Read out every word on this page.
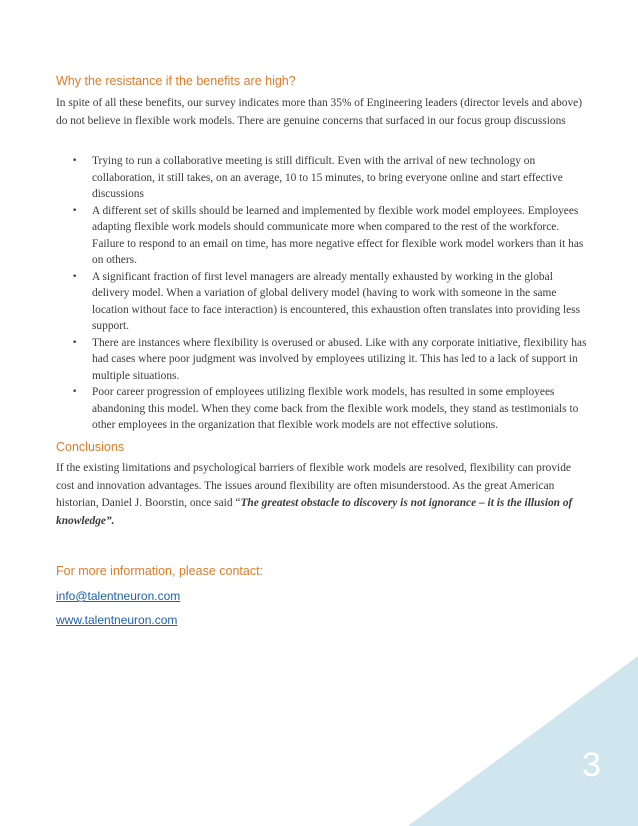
Why the resistance if the benefits are high?
In spite of all these benefits, our survey indicates more than 35% of Engineering leaders (director levels and above) do not believe in flexible work models. There are genuine concerns that surfaced in our focus group discussions
• Trying to run a collaborative meeting is still difficult. Even with the arrival of new technology on collaboration, it still takes, on an average, 10 to 15 minutes, to bring everyone online and start effective discussions
• A different set of skills should be learned and implemented by flexible work model employees. Employees adapting flexible work models should communicate more when compared to the rest of the workforce. Failure to respond to an email on time, has more negative effect for flexible work model workers than it has on others.
• A significant fraction of first level managers are already mentally exhausted by working in the global delivery model. When a variation of global delivery model (having to work with someone in the same location without face to face interaction) is encountered, this exhaustion often translates into providing less support.
• There are instances where flexibility is overused or abused. Like with any corporate initiative, flexibility has had cases where poor judgment was involved by employees utilizing it. This has led to a lack of support in multiple situations.
• Poor career progression of employees utilizing flexible work models, has resulted in some employees abandoning this model. When they come back from the flexible work models, they stand as testimonials to other employees in the organization that flexible work models are not effective solutions.
Conclusions
If the existing limitations and psychological barriers of flexible work models are resolved, flexibility can provide cost and innovation advantages. The issues around flexibility are often misunderstood. As the great American historian, Daniel J. Boorstin, once said “The greatest obstacle to discovery is not ignorance – it is the illusion of knowledge”.
For more information, please contact:
info@talentneuron.com
www.talentneuron.com
3
